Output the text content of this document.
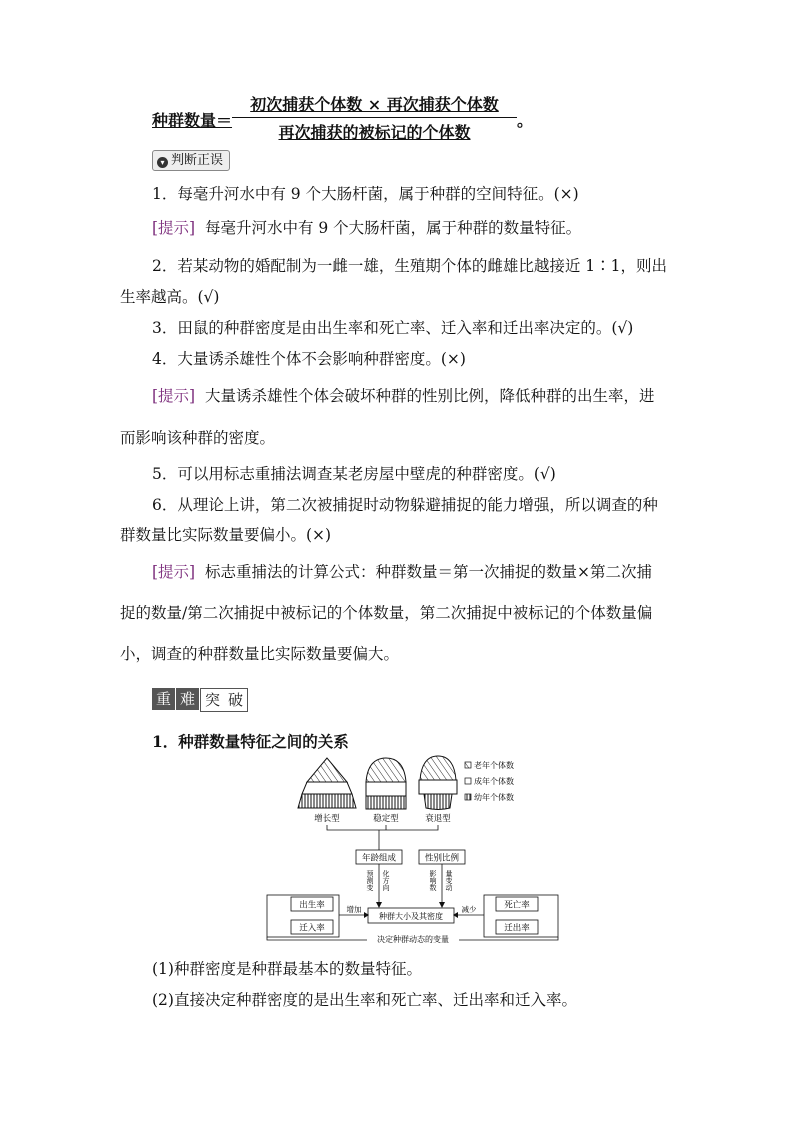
种群数量＝
初次捕获个体数 × 再次捕获个体数
再次捕获的被标记的个体数
。
▾ 判断正误
1．每毫升河水中有 9 个大肠杆菌，属于种群的空间特征。(×)
[提示] 每毫升河水中有 9 个大肠杆菌，属于种群的数量特征。
2．若某动物的婚配制为一雌一雄，生殖期个体的雌雄比越接近 1∶1，则出
生率越高。(√)
3．田鼠的种群密度是由出生率和死亡率、迁入率和迁出率决定的。(√)
4．大量诱杀雄性个体不会影响种群密度。(×)
[提示] 大量诱杀雄性个体会破坏种群的性别比例，降低种群的出生率，进
而影响该种群的密度。
5．可以用标志重捕法调查某老房屋中壁虎的种群密度。(√)
6．从理论上讲，第二次被捕捉时动物躲避捕捉的能力增强，所以调查的种
群数量比实际数量要偏小。(×)
[提示] 标志重捕法的计算公式：种群数量＝第一次捕捉的数量×第二次捕
捉的数量/第二次捕捉中被标记的个体数量，第二次捕捉中被标记的个体数量偏
小，调查的种群数量比实际数量要偏大。
重 难 突 破
1．种群数量特征之间的关系
老年个体数
成年个体数
幼年个体数
增长型	稳定型	衰退型
年龄组成	性别比例
预测变 化方向	影响数 量变动
种群大小及其密度
出生率
迁入率
增加	死亡率
迁出率
减少
决定种群动态的变量
(1)种群密度是种群最基本的数量特征。
(2)直接决定种群密度的是出生率和死亡率、迁出率和迁入率。
